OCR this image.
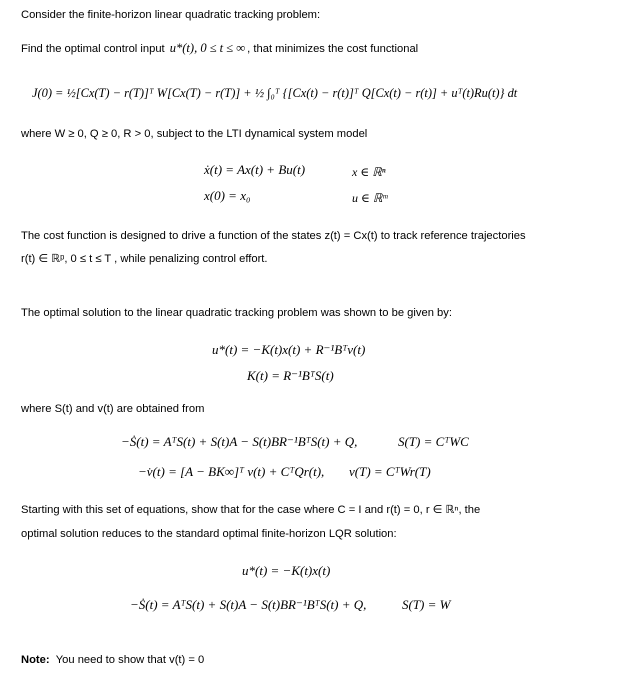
Consider the finite-horizon linear quadratic tracking problem:
Find the optimal control input u*(t), 0 ≤ t ≤ ∞ , that minimizes the cost functional
J(0) = ½[Cx(T) − r(T)]ᵀ W[Cx(T) − r(T)] + ½ ∫₀ᵀ {[Cx(t) − r(t)]ᵀ Q[Cx(t) − r(t)] + uᵀ(t)Ru(t)} dt
where W ≥ 0, Q ≥ 0, R > 0, subject to the LTI dynamical system model
ẋ(t) = Ax(t) + Bu(t)	x ∈ ℝⁿ
x(0) = x₀	u ∈ ℝᵐ
The cost function is designed to drive a function of the states z(t) = Cx(t) to track reference trajectories
r(t) ∈ ℝᵖ, 0 ≤ t ≤ T , while penalizing control effort.
The optimal solution to the linear quadratic tracking problem was shown to be given by:
u*(t) = −K(t)x(t) + R⁻¹Bᵀv(t)
K(t) = R⁻¹BᵀS(t)
where S(t) and v(t) are obtained from
−Ṡ(t) = AᵀS(t) + S(t)A − S(t)BR⁻¹BᵀS(t) + Q,	S(T) = CᵀWC
−v̇(t) = [A − BK∞]ᵀ v(t) + CᵀQr(t), v(T) = CᵀWr(T)
Starting with this set of equations, show that for the case where C = I and r(t) = 0, r ∈ ℝⁿ, the
optimal solution reduces to the standard optimal finite-horizon LQR solution:
u*(t) = −K(t)x(t)
−Ṡ(t) = AᵀS(t) + S(t)A − S(t)BR⁻¹BᵀS(t) + Q,	S(T) = W
Note: You need to show that v(t) = 0
